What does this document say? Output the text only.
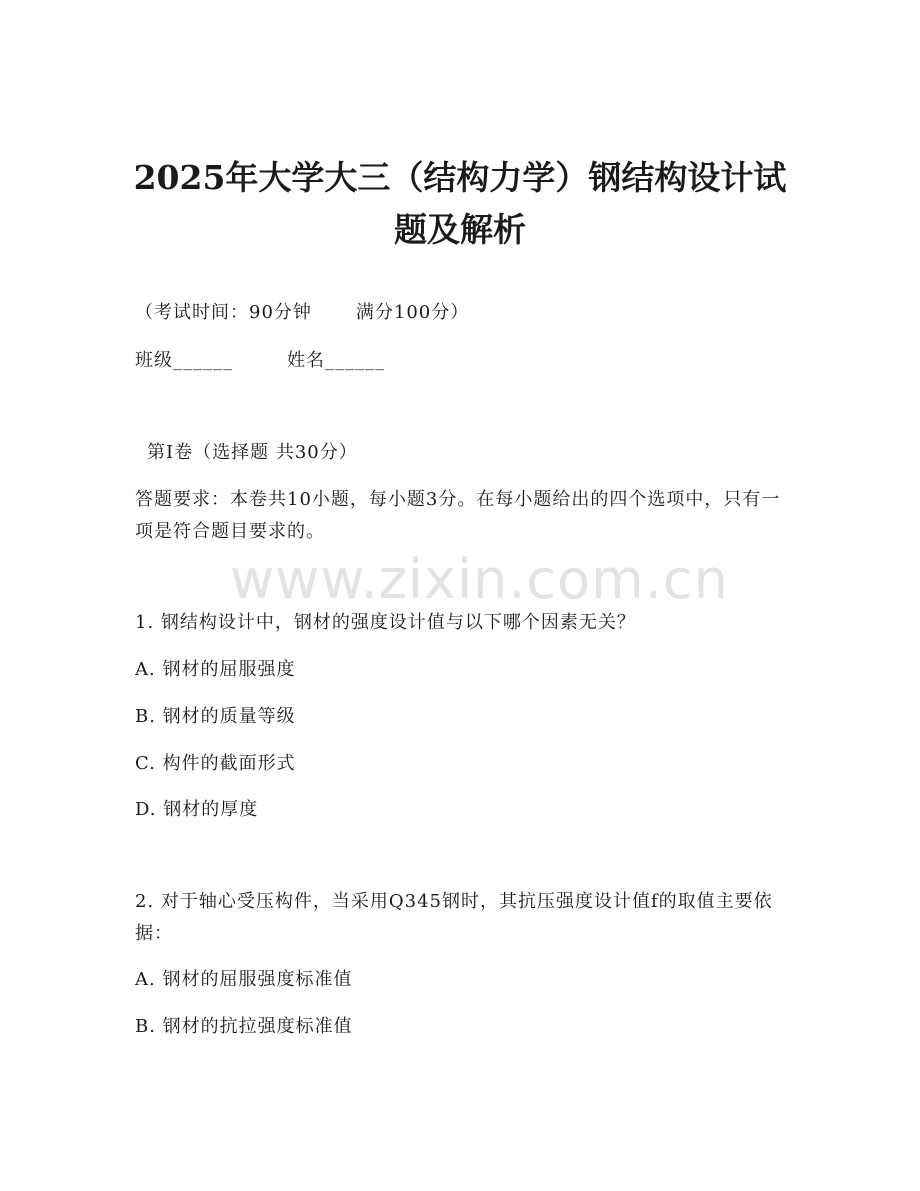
2025年大学大三（结构力学）钢结构设计试
题及解析
（考试时间：90分钟 满分100分）
班级______	姓名______
第I卷（选择题 共30分）
答题要求：本卷共10小题，每小题3分。在每小题给出的四个选项中，只有一项是符合题目要求的。
www.zixin.com.cn
1. 钢结构设计中，钢材的强度设计值与以下哪个因素无关？
A. 钢材的屈服强度
B. 钢材的质量等级
C. 构件的截面形式
D. 钢材的厚度
2. 对于轴心受压构件，当采用Q345钢时，其抗压强度设计值f的取值主要依据：
A. 钢材的屈服强度标准值
B. 钢材的抗拉强度标准值
